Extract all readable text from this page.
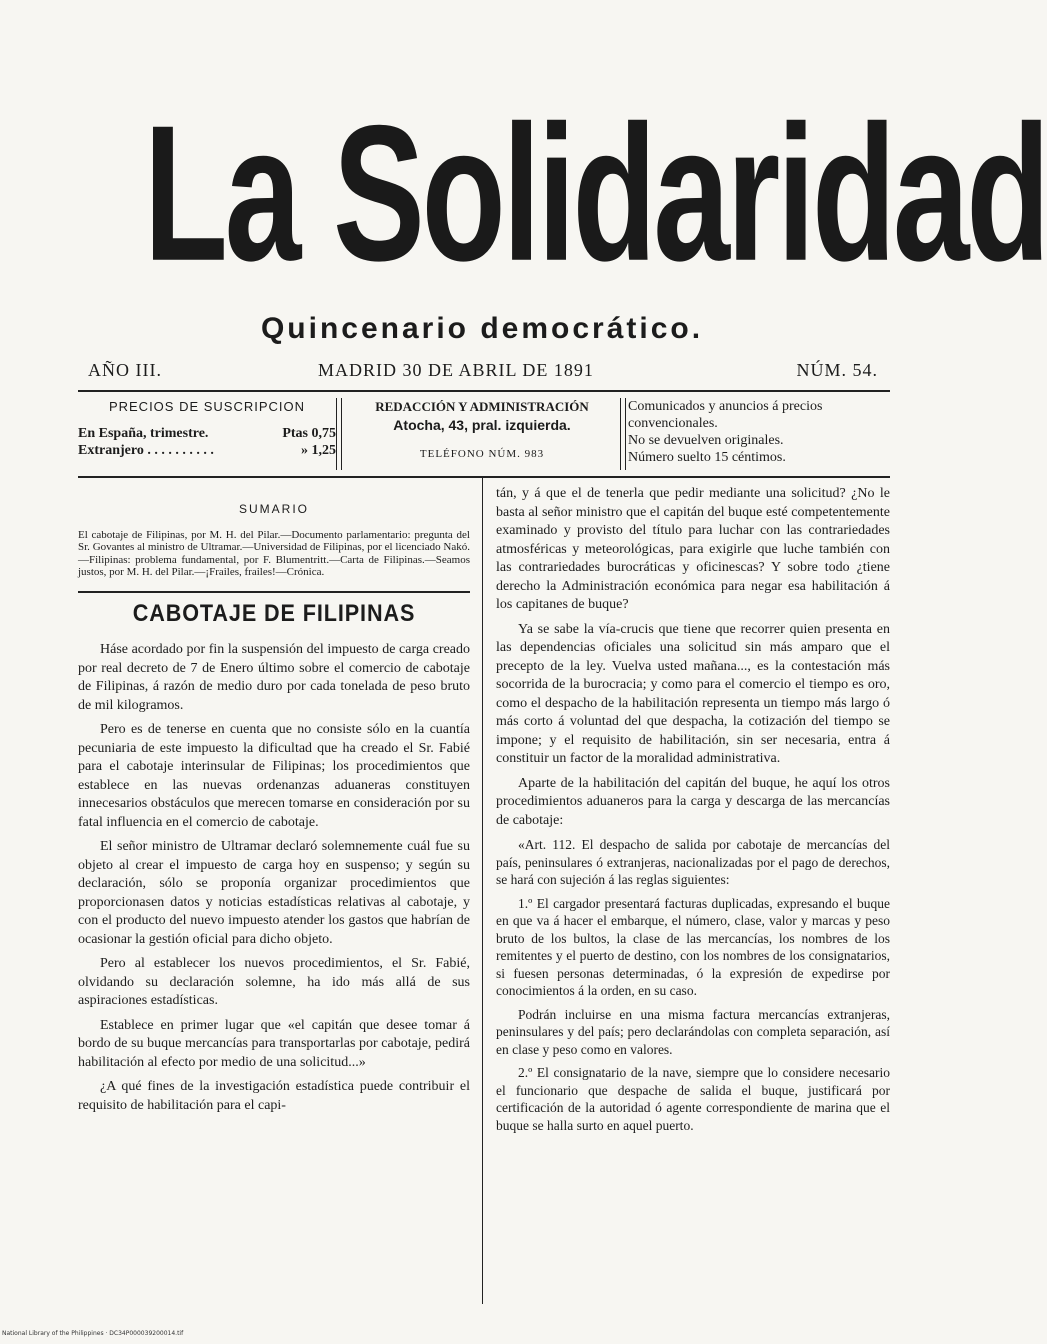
La Solidaridad
Quincenario democrático.
AÑO III.	MADRID 30 DE ABRIL DE 1891	NÚM. 54.
PRECIOS DE SUSCRIPCION
En España, trimestre.	Ptas 0,75
Extranjero . . . . . . . . . .	» 1,25
REDACCIÓN Y ADMINISTRACIÓN
Atocha, 43, pral. izquierda.
TELÉFONO NÚM. 983
Comunicados y anuncios á precios convencionales.
No se devuelven originales.
Número suelto 15 céntimos.
SUMARIO
El cabotaje de Filipinas, por M. H. del Pilar.—Documento parlamentario: pregunta del Sr. Govantes al ministro de Ultramar.—Universidad de Filipinas, por el licenciado Nakó.—Filipinas: problema fundamental, por F. Blumentritt.—Carta de Filipinas.—Seamos justos, por M. H. del Pilar.—¡Frailes, frailes!—Crónica.
CABOTAJE DE FILIPINAS

Háse acordado por fin la suspensión del impuesto de carga creado por real decreto de 7 de Enero último sobre el comercio de cabotaje de Filipinas, á razón de medio duro por cada tonelada de peso bruto de mil kilogramos.

Pero es de tenerse en cuenta que no consiste sólo en la cuantía pecuniaria de este impuesto la dificultad que ha creado el Sr. Fabié para el cabotaje interinsular de Filipinas; los procedimientos que establece en las nuevas ordenanzas aduaneras constituyen innecesarios obstáculos que merecen tomarse en consideración por su fatal influencia en el comercio de cabotaje.

El señor ministro de Ultramar declaró solemnemente cuál fue su objeto al crear el impuesto de carga hoy en suspenso; y según su declaración, sólo se proponía organizar procedimientos que proporcionasen datos y noticias estadísticas relativas al cabotaje, y con el producto del nuevo impuesto atender los gastos que habrían de ocasionar la gestión oficial para dicho objeto.

Pero al establecer los nuevos procedimientos, el Sr. Fabié, olvidando su declaración solemne, ha ido más allá de sus aspiraciones estadísticas.

Establece en primer lugar que «el capitán que desee tomar á bordo de su buque mercancías para transportarlas por cabotaje, pedirá habilitación al efecto por medio de una solicitud...»

¿A qué fines de la investigación estadística puede contribuir el requisito de habilitación para el capi-

tán, y á que el de tenerla que pedir mediante una solicitud? ¿No le basta al señor ministro que el capitán del buque esté competentemente examinado y provisto del título para luchar con las contrariedades atmosféricas y meteorológicas, para exigirle que luche también con las contrariedades burocráticas y oficinescas? Y sobre todo ¿tiene derecho la Administración económica para negar esa habilitación á los capitanes de buque?

Ya se sabe la vía-crucis que tiene que recorrer quien presenta en las dependencias oficiales una solicitud sin más amparo que el precepto de la ley. Vuelva usted mañana..., es la contestación más socorrida de la burocracia; y como para el comercio el tiempo es oro, como el despacho de la habilitación representa un tiempo más largo ó más corto á voluntad del que despacha, la cotización del tiempo se impone; y el requisito de habilitación, sin ser necesaria, entra á constituir un factor de la moralidad administrativa.

Aparte de la habilitación del capitán del buque, he aquí los otros procedimientos aduaneros para la carga y descarga de las mercancías de cabotaje:

«Art. 112. El despacho de salida por cabotaje de mercancías del país, peninsulares ó extranjeras, nacionalizadas por el pago de derechos, se hará con sujeción á las reglas siguientes:

1.º El cargador presentará facturas duplicadas, expresando el buque en que va á hacer el embarque, el número, clase, valor y marcas y peso bruto de los bultos, la clase de las mercancías, los nombres de los remitentes y el puerto de destino, con los nombres de los consignatarios, si fuesen personas determinadas, ó la expresión de expedirse por conocimientos á la orden, en su caso.

Podrán incluirse en una misma factura mercancías extranjeras, peninsulares y del país; pero declarándolas con completa separación, así en clase y peso como en valores.

2.º El consignatario de la nave, siempre que lo considere necesario el funcionario que despache de salida el buque, justificará por certificación de la autoridad ó agente correspondiente de marina que el buque se halla surto en aquel puerto.

National Library of the Philippines · DC34P000039200014.tif
